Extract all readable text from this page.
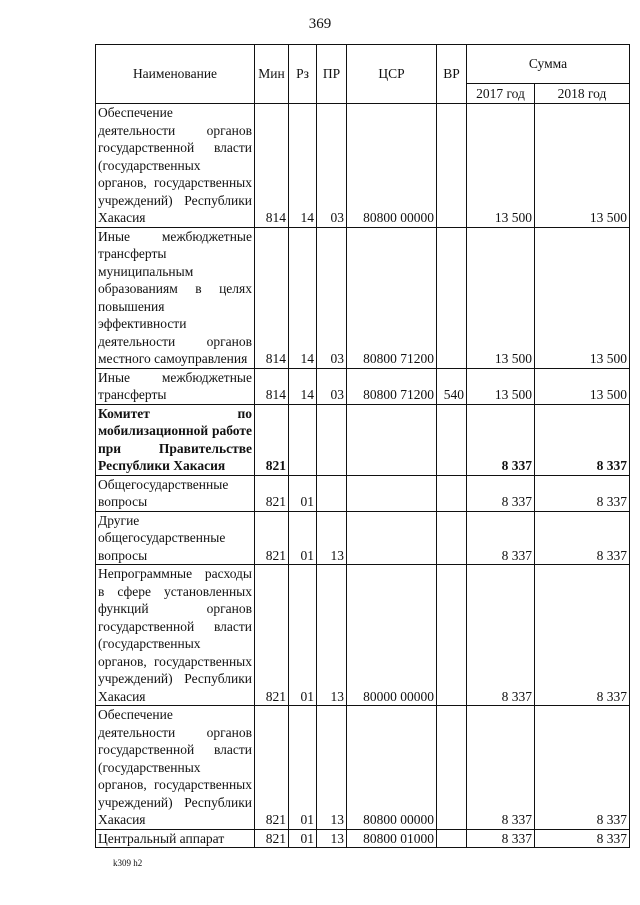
369
Наименование	Мин	Рз	ПР	ЦСР	ВР	Сумма	
						2017 год	2018 год
Обеспечение деятельности органов государственной власти (государственных органов, государственных учреждений) Республики Хакасия	814	14	03	80800 00000		13 500	13 500
Иные межбюджетные трансферты муниципальным образованиям в целях повышения эффективности деятельности органов местного самоуправления	814	14	03	80800 71200		13 500	13 500
Иные межбюджетные трансферты	814	14	03	80800 71200	540	13 500	13 500
Комитет по мобилизационной работе при Правительстве Республики Хакасия	821					8 337	8 337
Общегосударственные вопросы	821	01				8 337	8 337
Другие общегосударственные вопросы	821	01	13			8 337	8 337
Непрограммные расходы в сфере установленных функций органов государственной власти (государственных органов, государственных учреждений) Республики Хакасия	821	01	13	80000 00000		8 337	8 337
Обеспечение деятельности органов государственной власти (государственных органов, государственных учреждений) Республики Хакасия	821	01	13	80800 00000		8 337	8 337
Центральный аппарат	821	01	13	80800 01000		8 337	8 337
k309 h2
